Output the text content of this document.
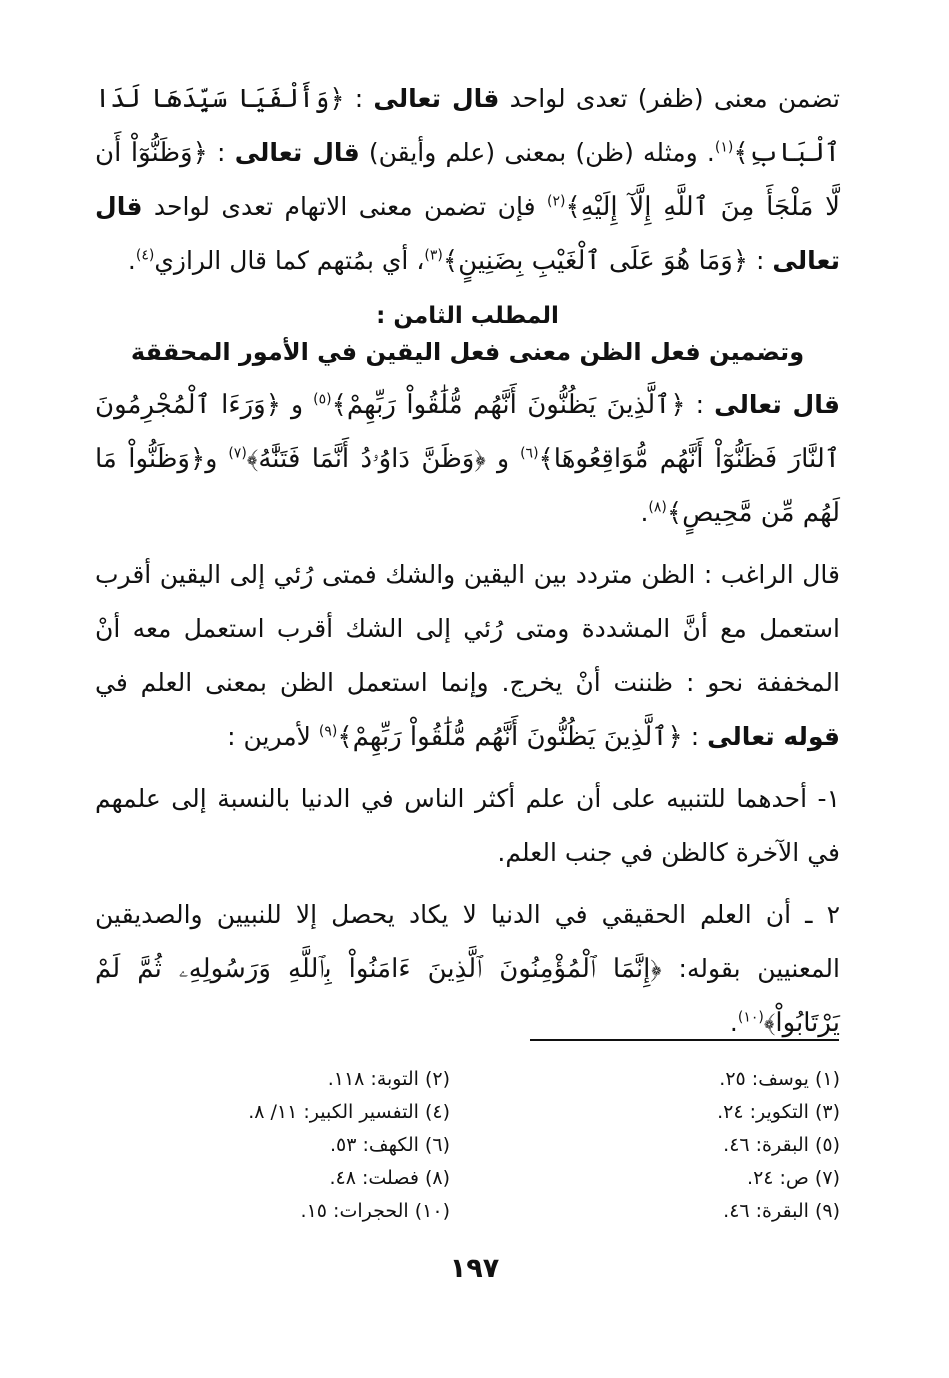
تضمن معنى (ظفر) تعدى لواحد قال تعالى : ﴿وَأَلْفَيَا سَيِّدَهَا لَدَا ٱلْبَابِ﴾$^{(١)}$. ومثله (ظن) بمعنى (علم وأيقن) قال تعالى : ﴿وَظَنُّوٓاْ أَن لَّا مَلْجَأَ مِنَ ٱللَّهِ إِلَّآ إِلَيْهِ﴾$^{(٢)}$ فإن تضمن معنى الاتهام تعدى لواحد قال تعالى : ﴿وَمَا هُوَ عَلَى ٱلْغَيْبِ بِضَنِينٍ﴾$^{(٣)}$، أي بمُتهم كما قال الرازي$^{(٤)}$.

المطلب الثامن :

وتضمين فعل الظن معنى فعل اليقين في الأمور المحققة

قال تعالى : ﴿ٱلَّذِينَ يَظُنُّونَ أَنَّهُم مُّلَٰقُواْ رَبِّهِمْ﴾$^{(٥)}$ و ﴿وَرَءَا ٱلْمُجْرِمُونَ ٱلنَّارَ فَظَنُّوٓاْ أَنَّهُم مُّوَاقِعُوهَا﴾$^{(٦)}$ و ﴿وَظَنَّ دَاوُۥدُ أَنَّمَا فَتَنَّٰهُ﴾$^{(٧)}$ و﴿وَظَنُّواْ مَا لَهُم مِّن مَّحِيصٍ﴾$^{(٨)}$.

قال الراغب : الظن متردد بين اليقين والشك فمتى رُئي إلى اليقين أقرب استعمل مع أنَّ المشددة ومتى رُئي إلى الشك أقرب استعمل معه أنْ المخففة نحو : ظننت أنْ يخرج. وإنما استعمل الظن بمعنى العلم في قوله تعالى : ﴿ٱلَّذِينَ يَظُنُّونَ أَنَّهُم مُّلَٰقُواْ رَبِّهِمْ﴾$^{(٩)}$ لأمرين :

١- أحدهما للتنبيه على أن علم أكثر الناس في الدنيا بالنسبة إلى علمهم في الآخرة كالظن في جنب العلم.

٢ ـ أن العلم الحقيقي في الدنيا لا يكاد يحصل إلا للنبيين والصديقين المعنيين بقوله: ﴿إِنَّمَا ٱلْمُؤْمِنُونَ ٱلَّذِينَ ءَامَنُواْ بِٱللَّهِ وَرَسُولِهِۦ ثُمَّ لَمْ يَرْتَابُواْ﴾$^{(١٠)}$.

(١) يوسف: ٢٥.
(٣) التكوير: ٢٤.
(٥) البقرة: ٤٦.
(٧) ص: ٢٤.
(٩) البقرة: ٤٦.
(٢) التوبة: ١١٨.
(٤) التفسير الكبير: ١١/ ٨.
(٦) الكهف: ٥٣.
(٨) فصلت: ٤٨.
(١٠) الحجرات: ١٥.
١٩٧
